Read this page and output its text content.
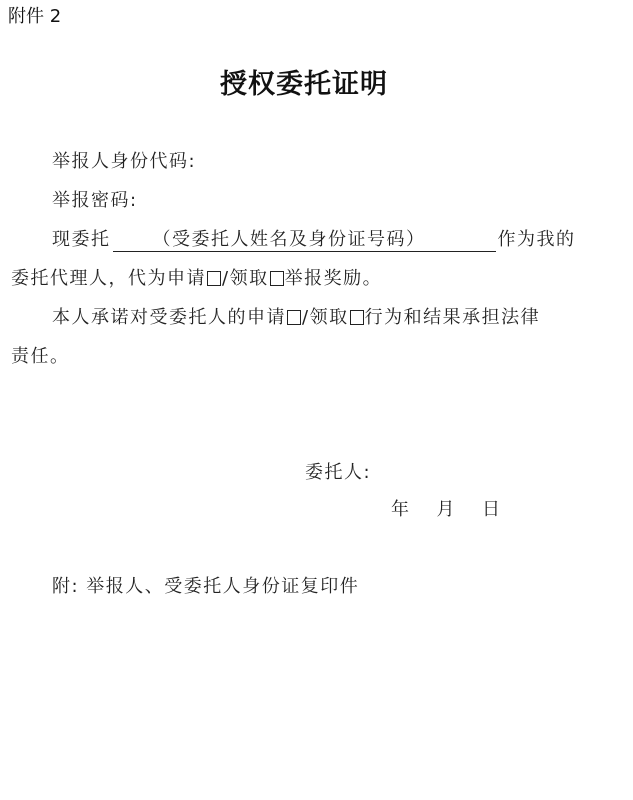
附件 2
授权委托证明
举报人身份代码:
举报密码:
现委托 （受委托人姓名及身份证号码）	作为我的
委托代理人，代为申请 /领取 举报奖励。
本人承诺对受委托人的申请 /领取 行为和结果承担法律
责任。
委托人:
年 月 日
附: 举报人、受委托人身份证复印件
